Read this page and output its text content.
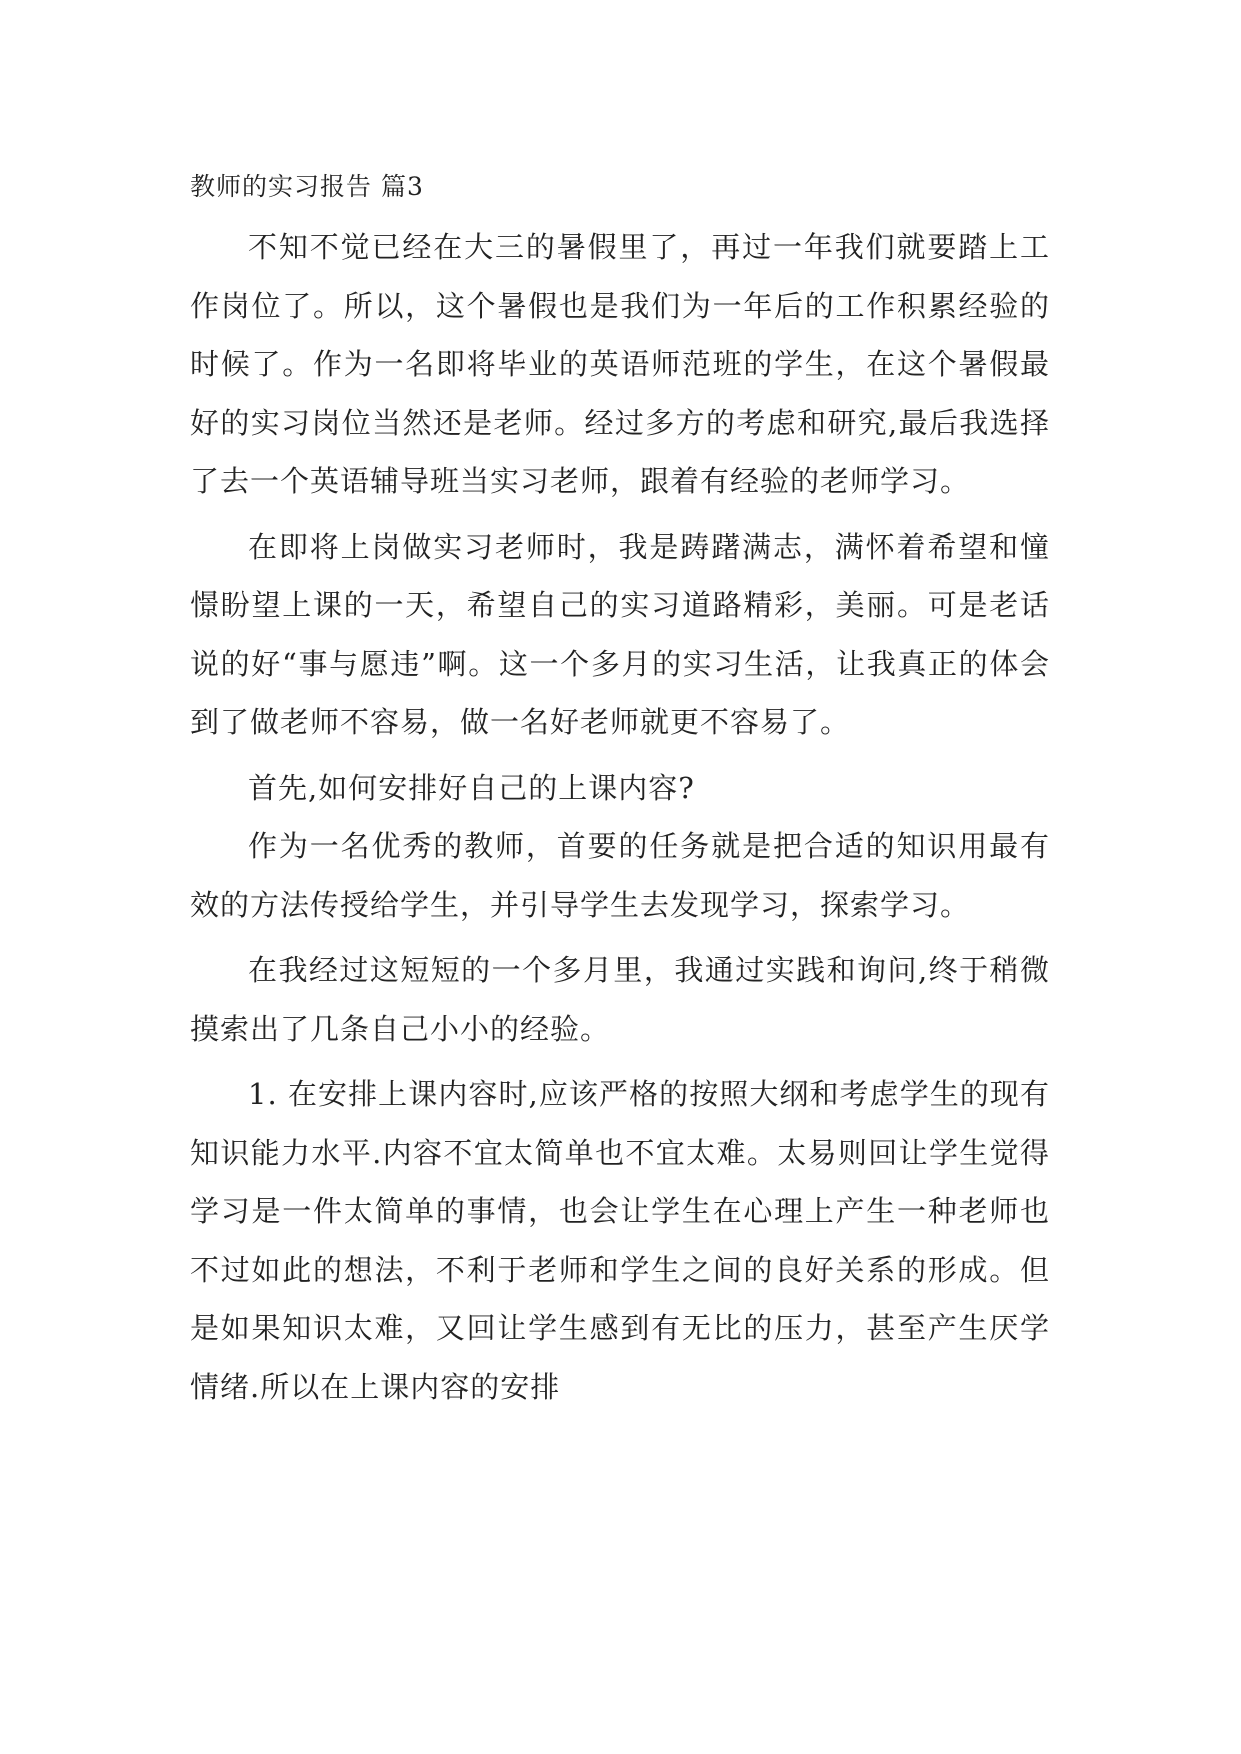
教师的实习报告 篇3

不知不觉已经在大三的暑假里了，再过一年我们就要踏上工作岗位了。所以，这个暑假也是我们为一年后的工作积累经验的时候了。作为一名即将毕业的英语师范班的学生，在这个暑假最好的实习岗位当然还是老师。经过多方的考虑和研究,最后我选择了去一个英语辅导班当实习老师，跟着有经验的老师学习。

在即将上岗做实习老师时，我是踌躇满志，满怀着希望和憧憬盼望上课的一天，希望自己的实习道路精彩，美丽。可是老话说的好“事与愿违”啊。这一个多月的实习生活，让我真正的体会到了做老师不容易，做一名好老师就更不容易了。

首先,如何安排好自己的上课内容?

作为一名优秀的教师，首要的任务就是把合适的知识用最有效的方法传授给学生，并引导学生去发现学习，探索学习。

在我经过这短短的一个多月里，我通过实践和询问,终于稍微摸索出了几条自己小小的经验。

1. 在安排上课内容时,应该严格的按照大纲和考虑学生的现有知识能力水平.内容不宜太简单也不宜太难。太易则回让学生觉得学习是一件太简单的事情，也会让学生在心理上产生一种老师也不过如此的想法，不利于老师和学生之间的良好关系的形成。但是如果知识太难，又回让学生感到有无比的压力，甚至产生厌学情绪.所以在上课内容的安排
